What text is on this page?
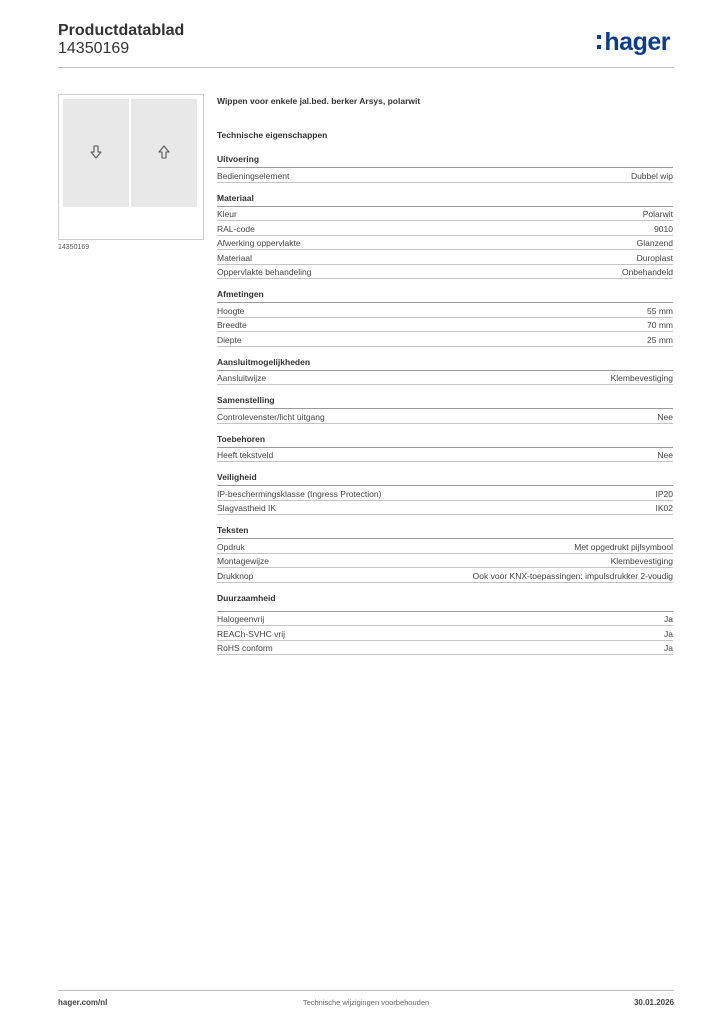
Productdatablad
14350169	hager
14350169
Wippen voor enkele jal.bed. berker Arsys, polarwit
Technische eigenschappen
Uitvoering
Bedieningselement	Dubbel wip
Materiaal
Kleur	Polarwit
RAL-code	9010
Afwerking oppervlakte	Glanzend
Materiaal	Duroplast
Oppervlakte behandeling	Onbehandeld
Afmetingen
Hoogte	55 mm
Breedte	70 mm
Diepte	25 mm
Aansluitmogelijkheden
Aansluitwijze	Klembevestiging
Samenstelling
Controlevenster/licht uitgang	Nee
Toebehoren
Heeft tekstveld	Nee
Veiligheid
IP-beschermingsklasse (Ingress Protection)	IP20
Slagvastheid IK	IK02
Teksten
Opdruk	Met opgedrukt pijlsymbool
Montagewijze	Klembevestiging
Drukknop	Ook voor KNX-toepassingen: impulsdrukker 2-voudig
Duurzaamheid
Halogeenvrij	Ja
REACh-SVHC vrij	Ja
RoHS conform	Ja
hager.com/nl	Technische wijzigingen voorbehouden	30.01.2026
